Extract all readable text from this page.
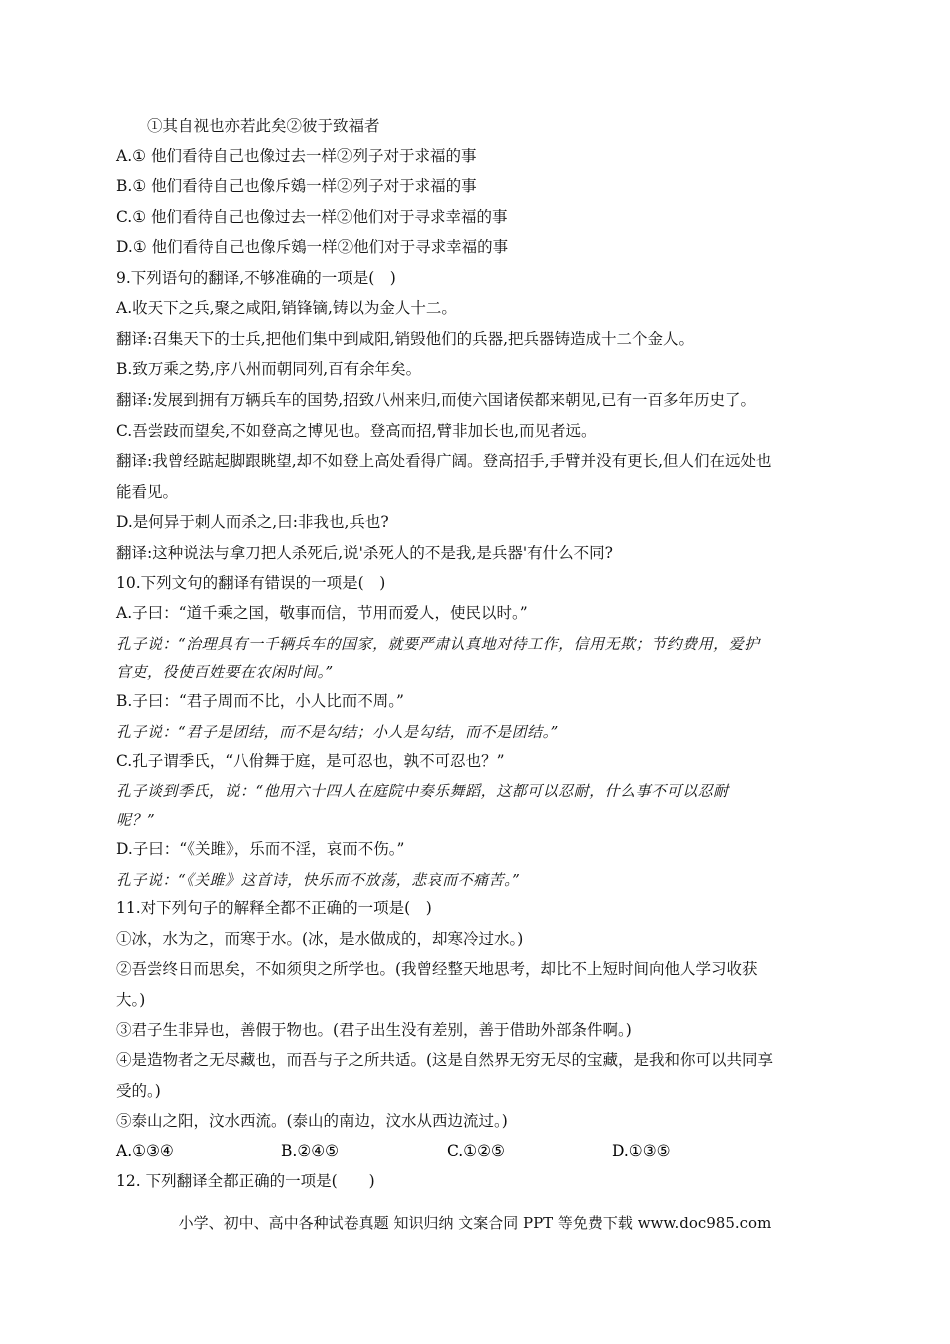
①其自视也亦若此矣②彼于致福者
A.① 他们看待自己也像过去一样②列子对于求福的事
B.① 他们看待自己也像斥鴳一样②列子对于求福的事
C.① 他们看待自己也像过去一样②他们对于寻求幸福的事
D.① 他们看待自己也像斥鴳一样②他们对于寻求幸福的事
9.下列语句的翻译,不够准确的一项是(　)
A.收天下之兵,聚之咸阳,销锋镝,铸以为金人十二。
翻译:召集天下的士兵,把他们集中到咸阳,销毁他们的兵器,把兵器铸造成十二个金人。
B.致万乘之势,序八州而朝同列,百有余年矣。
翻译:发展到拥有万辆兵车的国势,招致八州来归,而使六国诸侯都来朝见,已有一百多年历史了。
C.吾尝跂而望矣,不如登高之博见也。登高而招,臂非加长也,而见者远。
翻译:我曾经踮起脚跟眺望,却不如登上高处看得广阔。登高招手,手臂并没有更长,但人们在远处也
能看见。
D.是何异于刺人而杀之,曰:非我也,兵也?
翻译:这种说法与拿刀把人杀死后,说'杀死人的不是我,是兵器'有什么不同?
10.下列文句的翻译有错误的一项是(　)
A.子曰：“道千乘之国，敬事而信，节用而爱人，使民以时。”
孔子说：“治理具有一千辆兵车的国家，就要严肃认真地对待工作，信用无欺；节约费用，爱护
官吏，役使百姓要在农闲时间。”
B.子曰：“君子周而不比，小人比而不周。”
孔子说：“君子是团结，而不是勾结；小人是勾结，而不是团结。”
C.孔子谓季氏，“八佾舞于庭，是可忍也，孰不可忍也？”
孔子谈到季氏，说：“他用六十四人在庭院中奏乐舞蹈，这都可以忍耐，什么事不可以忍耐
呢？”
D.子曰：“《关雎》，乐而不淫，哀而不伤。”
孔子说：“《关雎》这首诗，快乐而不放荡，悲哀而不痛苦。”
11.对下列句子的解释全都不正确的一项是(　)
①冰，水为之，而寒于水。(冰，是水做成的，却寒冷过水。)
②吾尝终日而思矣，不如须臾之所学也。(我曾经整天地思考，却比不上短时间向他人学习收获
大。)
③君子生非异也，善假于物也。(君子出生没有差别，善于借助外部条件啊。)
④是造物者之无尽藏也，而吾与子之所共适。(这是自然界无穷无尽的宝藏，是我和你可以共同享
受的。)
⑤泰山之阳，汶水西流。(泰山的南边，汶水从西边流过。)
A.①③④	B.②④⑤	C.①②⑤	D.①③⑤
12. 下列翻译全都正确的一项是(　　)
小学、初中、高中各种试卷真题 知识归纳 文案合同 PPT 等免费下载 www.doc985.com
